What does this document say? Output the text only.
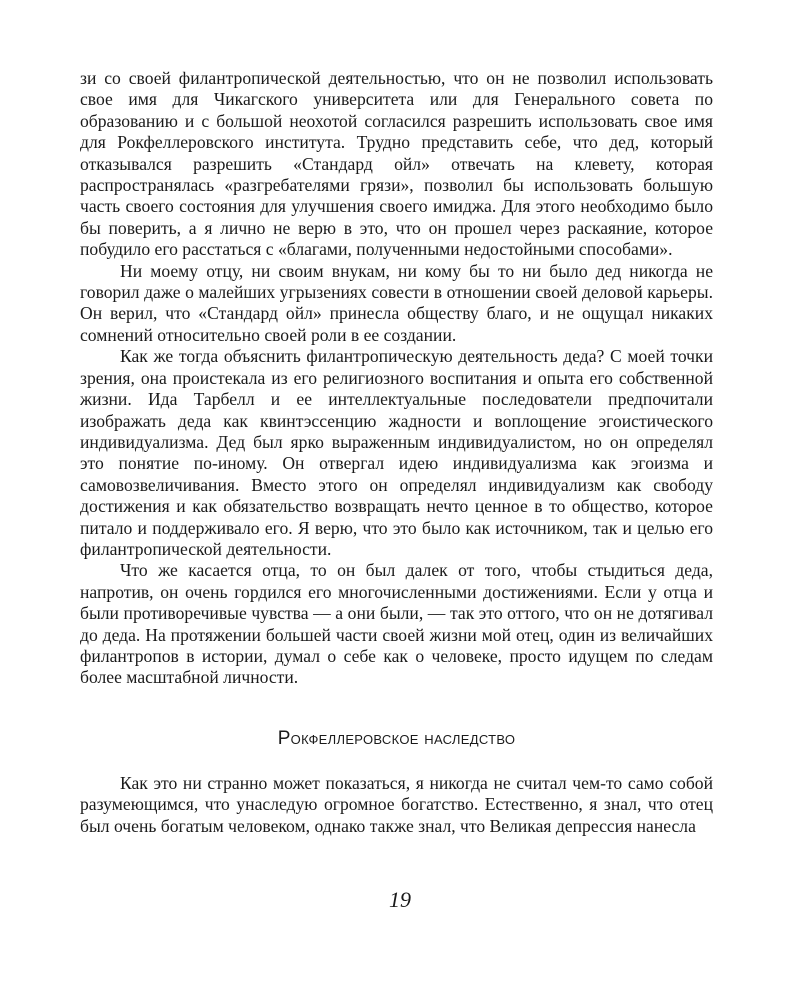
зи со своей филантропической деятельностью, что он не позволил использовать свое имя для Чикагского университета или для Генерального совета по образованию и с большой неохотой согласился разрешить использовать свое имя для Рокфеллеровского института. Трудно представить себе, что дед, который отказывался разрешить «Стандард ойл» отвечать на клевету, которая распространялась «разгребателями грязи», позволил бы использовать большую часть своего состояния для улучшения своего имиджа. Для этого необходимо было бы поверить, а я лично не верю в это, что он прошел через раскаяние, которое побудило его расстаться с «благами, полученными недостойными способами».

Ни моему отцу, ни своим внукам, ни кому бы то ни было дед никогда не говорил даже о малейших угрызениях совести в отношении своей деловой карьеры. Он верил, что «Стандард ойл» принесла обществу благо, и не ощущал никаких сомнений относительно своей роли в ее создании.

Как же тогда объяснить филантропическую деятельность деда? С моей точки зрения, она проистекала из его религиозного воспитания и опыта его собственной жизни. Ида Тарбелл и ее интеллектуальные последователи предпочитали изображать деда как квинтэссенцию жадности и воплощение эгоистического индивидуализма. Дед был ярко выраженным индивидуалистом, но он определял это понятие по-иному. Он отвергал идею индивидуализма как эгоизма и самовозвеличивания. Вместо этого он определял индивидуализм как свободу достижения и как обязательство возвращать нечто ценное в то общество, которое питало и поддерживало его. Я верю, что это было как источником, так и целью его филантропической деятельности.

Что же касается отца, то он был далек от того, чтобы стыдиться деда, напротив, он очень гордился его многочисленными достижениями. Если у отца и были противоречивые чувства — а они были, — так это оттого, что он не дотягивал до деда. На протяжении большей части своей жизни мой отец, один из величайших филантропов в истории, думал о себе как о человеке, просто идущем по следам более масштабной личности.

Рокфеллеровское наследство

Как это ни странно может показаться, я никогда не считал чем-то само собой разумеющимся, что унаследую огромное богатство. Естественно, я знал, что отец был очень богатым человеком, однако также знал, что Великая депрессия нанесла

19
